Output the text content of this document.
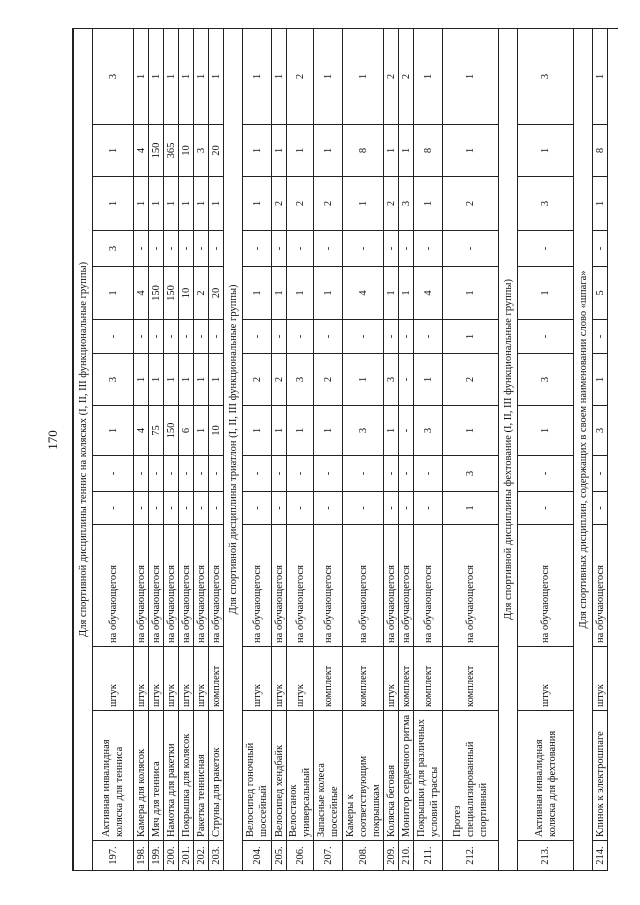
170 Для спортивной дисциплины теннис на колясках (I, II, III функциональные группы)													
197.	Активная инвалидная коляска для тенниса	штук	на обучающегося	-	-	1	3	-	1	3	1	1	3
198.	Камера для колясок	штук	на обучающегося	-	-	4	1	-	4	-	1	4	1
199.	Мяч для тенниса	штук	на обучающегося	-	-	75	1	-	150	-	1	150	1
200.	Намотка для ракетки	штук	на обучающегося	-	-	150	1	-	150	-	1	365	1
201.	Покрышка для колясок	штук	на обучающегося	-	-	6	1	-	10	-	1	10	1
202.	Ракетка теннисная	штук	на обучающегося	-	-	1	1	-	2	-	1	3	1
203.	Струны для ракеток	комплект	на обучающегося	-	-	10	1	-	20	-	1	20	1
Для спортивной дисциплины триатлон (I, II, III функциональные группы)													
204.	Велосипед гоночный шоссейный	штук	на обучающегося	-	-	1	2	-	1	-	1	1	1
205.	Велосипед хендбайк	штук	на обучающегося	-	-	1	2	-	1	-	2	1	1
206.	Велостанок универсальный	штук	на обучающегося	-	-	1	3	-	1	-	2	1	2
207.	Запасные колеса шоссейные	комплект	на обучающегося	-	-	1	2	-	1	-	2	1	1
208.	Камеры к соответствующим покрышкам	комплект	на обучающегося	-	-	3	1	-	4	-	1	8	1
209.	Коляска беговая	штук	на обучающегося	-	-	1	3	-	1	-	2	1	2
210.	Монитор сердечного ритма	комплект	на обучающегося	-	-	-	-	-	1	-	3	1	2
211.	Покрышки для различных условий трассы	комплект	на обучающегося	-	-	3	1	-	4	-	1	8	1
212.	Протез специализированный спортивный	комплект	на обучающегося	1	3	1	2	1	1	-	2	1	1
Для спортивной дисциплины фехтование (I, II, III функциональные группы)													
213.	Активная инвалидная коляска для фехтования	штук	на обучающегося	-	-	1	3	-	1	-	3	1	3
Для спортивных дисциплин, содержащих в своем наименовании слово «шпага»													
214.	Клинок к электрошпаге	штук	на обучающегося	-	-	3	1	-	5	-	1	8	1
